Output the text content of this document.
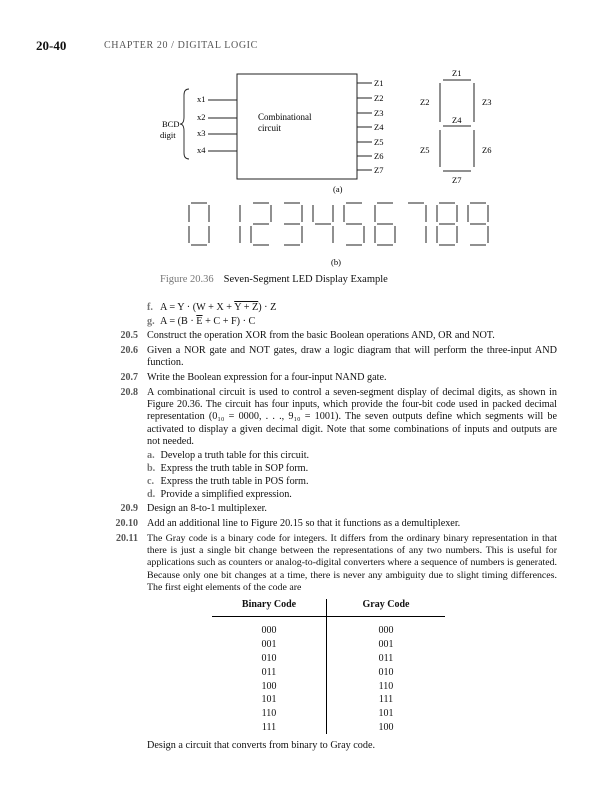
20-40	CHAPTER 20 / DIGITAL LOGIC
Combinational
circuit
x1
x2
x3
x4
BCD
digit
Z1
Z2
Z3
Z4
Z5
Z6
Z7
(a)
Z1
Z2	Z3
Z4
Z5	Z6
Z7
(b)
Figure 20.36 Seven-Segment LED Display Example
f. A = Y · (W + X + Y + Z) · Z
g. $A = (B \cdot \overline{E} + C + F) \cdot C$
20.5 Construct the operation XOR from the basic Boolean operations AND, OR and NOT.
20.6 Given a NOR gate and NOT gates, draw a logic diagram that will perform the three-input AND function.
20.7 Write the Boolean expression for a four-input NAND gate.
20.8 A combinational circuit is used to control a seven-segment display of decimal digits, as shown in Figure 20.36. The circuit has four inputs, which provide the four-bit code used in packed decimal representation (0₁₀ = 0000, . . ., 9₁₀ = 1001). The seven outputs define which segments will be activated to display a given decimal digit. Note that some combinations of inputs and outputs are not needed.
a. Develop a truth table for this circuit.
b. Express the truth table in SOP form.
c. Express the truth table in POS form.
d. Provide a simplified expression.
20.9 Design an 8-to-1 multiplexer.
20.10 Add an additional line to Figure 20.15 so that it functions as a demultiplexer.
20.11 The Gray code is a binary code for integers. It differs from the ordinary binary representation in that there is just a single bit change between the representations of any two numbers. This is useful for applications such as counters or analog-to-digital converters where a sequence of numbers is generated. Because only one bit changes at a time, there is never any ambiguity due to slight timing differences. The first eight elements of the code are
Binary Code	Gray Code
000	000
001	001
010	011
011	010
100	110
101	111
110	101
111	100
Design a circuit that converts from binary to Gray code.
